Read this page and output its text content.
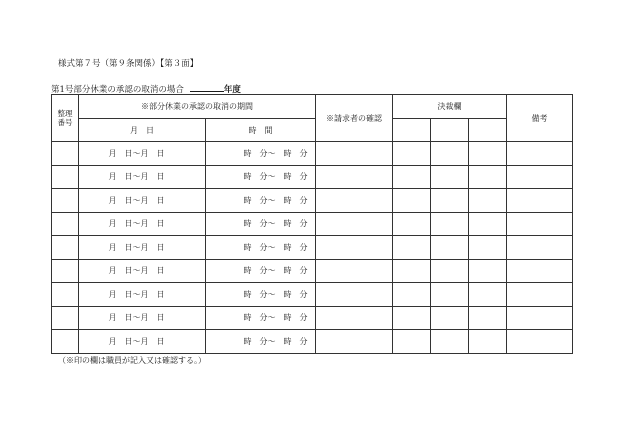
様式第７号（第９条関係）【第３面】
第1号部分休業の承認の取消の場合	年度
整理
番号	※部分休業の承認の取消の期間		※請求者の確認	決裁欄			備考
	月　日	時　間					
	月　日～月　日	時　分～　時　分					
	月　日～月　日	時　分～　時　分					
	月　日～月　日	時　分～　時　分					
	月　日～月　日	時　分～　時　分					
	月　日～月　日	時　分～　時　分					
	月　日～月　日	時　分～　時　分					
	月　日～月　日	時　分～　時　分					
	月　日～月　日	時　分～　時　分					
	月　日～月　日	時　分～　時　分					
（※印の欄は職員が記入又は確認する。）
